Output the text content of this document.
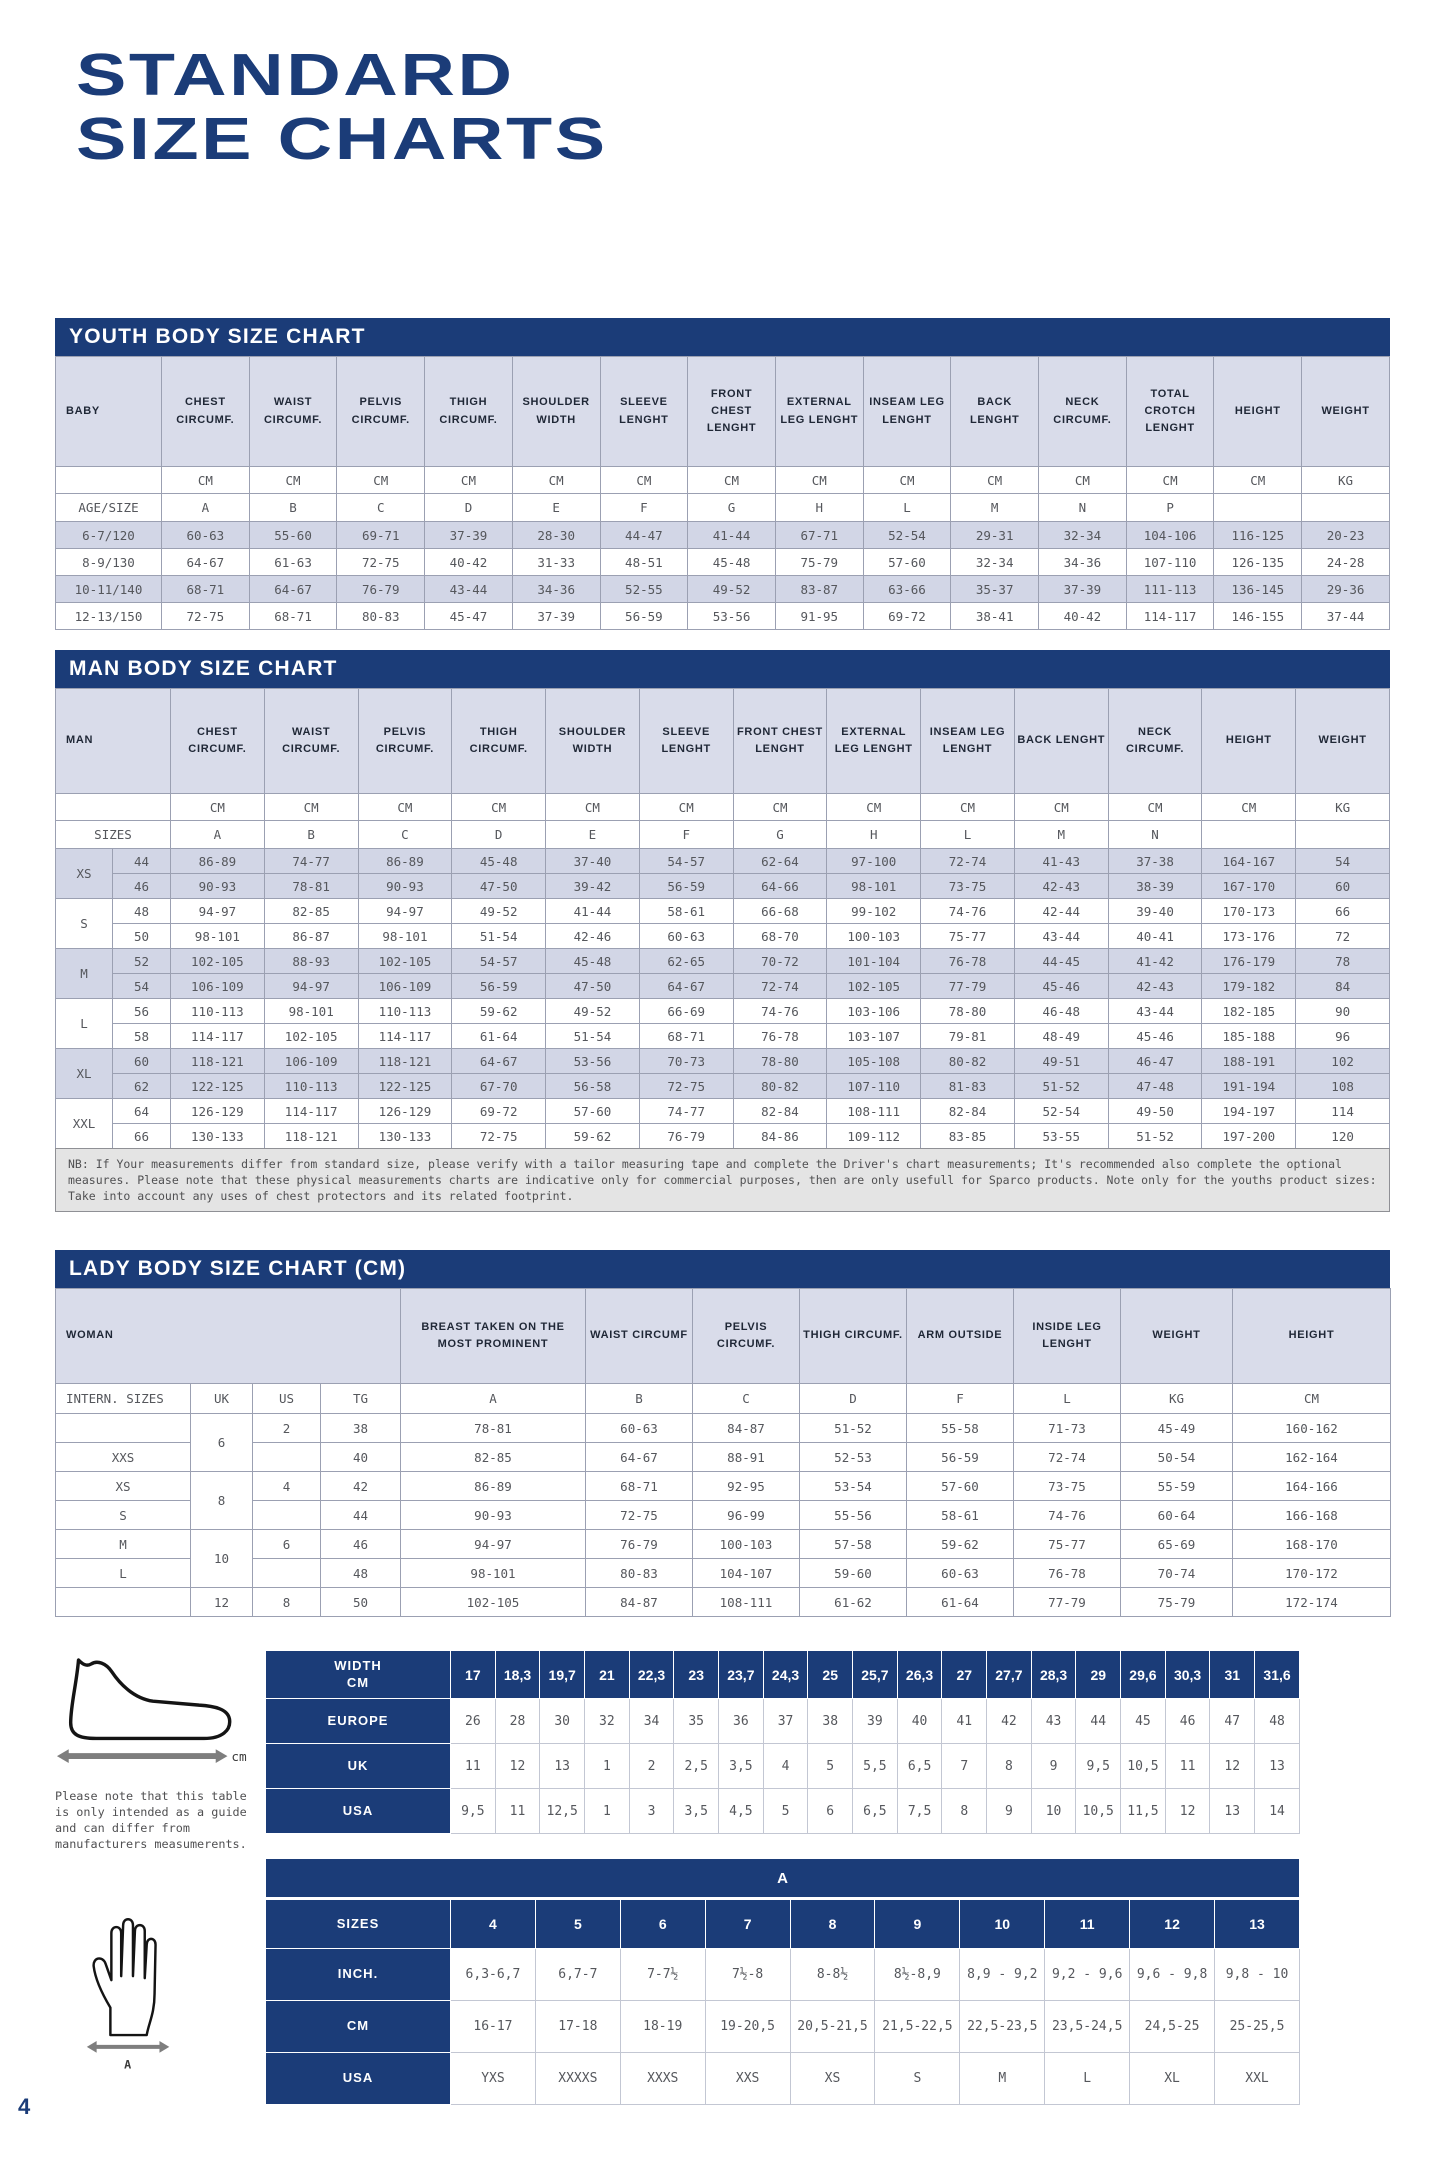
STANDARD
SIZE CHARTS
YOUTH BODY SIZE CHART
BABY	CHEST CIRCUMF.	WAIST CIRCUMF.	PELVIS CIRCUMF.	THIGH CIRCUMF.	SHOULDER WIDTH	SLEEVE LENGHT	FRONT CHEST LENGHT	EXTERNAL LEG LENGHT	INSEAM LEG LENGHT	BACK LENGHT	NECK CIRCUMF.	TOTAL CROTCH LENGHT	HEIGHT	WEIGHT
	CM	CM	CM	CM	CM	CM	CM	CM	CM	CM	CM	CM	CM	KG
AGE/SIZE	A	B	C	D	E	F	G	H	L	M	N	P		
6-7/120	60-63	55-60	69-71	37-39	28-30	44-47	41-44	67-71	52-54	29-31	32-34	104-106	116-125	20-23
8-9/130	64-67	61-63	72-75	40-42	31-33	48-51	45-48	75-79	57-60	32-34	34-36	107-110	126-135	24-28
10-11/140	68-71	64-67	76-79	43-44	34-36	52-55	49-52	83-87	63-66	35-37	37-39	111-113	136-145	29-36
12-13/150	72-75	68-71	80-83	45-47	37-39	56-59	53-56	91-95	69-72	38-41	40-42	114-117	146-155	37-44
MAN BODY SIZE CHART
MAN		CHEST CIRCUMF.	WAIST CIRCUMF.	PELVIS CIRCUMF.	THIGH CIRCUMF.	SHOULDER WIDTH	SLEEVE LENGHT	FRONT CHEST LENGHT	EXTERNAL LEG LENGHT	INSEAM LEG LENGHT	BACK LENGHT	NECK CIRCUMF.	HEIGHT	WEIGHT
		CM	CM	CM	CM	CM	CM	CM	CM	CM	CM	CM	CM	KG
SIZES		A	B	C	D	E	F	G	H	L	M	N		
XS	44	86-89	74-77	86-89	45-48	37-40	54-57	62-64	97-100	72-74	41-43	37-38	164-167	54
	46	90-93	78-81	90-93	47-50	39-42	56-59	64-66	98-101	73-75	42-43	38-39	167-170	60
S	48	94-97	82-85	94-97	49-52	41-44	58-61	66-68	99-102	74-76	42-44	39-40	170-173	66
	50	98-101	86-87	98-101	51-54	42-46	60-63	68-70	100-103	75-77	43-44	40-41	173-176	72
M	52	102-105	88-93	102-105	54-57	45-48	62-65	70-72	101-104	76-78	44-45	41-42	176-179	78
	54	106-109	94-97	106-109	56-59	47-50	64-67	72-74	102-105	77-79	45-46	42-43	179-182	84
L	56	110-113	98-101	110-113	59-62	49-52	66-69	74-76	103-106	78-80	46-48	43-44	182-185	90
	58	114-117	102-105	114-117	61-64	51-54	68-71	76-78	103-107	79-81	48-49	45-46	185-188	96
XL	60	118-121	106-109	118-121	64-67	53-56	70-73	78-80	105-108	80-82	49-51	46-47	188-191	102
	62	122-125	110-113	122-125	67-70	56-58	72-75	80-82	107-110	81-83	51-52	47-48	191-194	108
XXL	64	126-129	114-117	126-129	69-72	57-60	74-77	82-84	108-111	82-84	52-54	49-50	194-197	114
	66	130-133	118-121	130-133	72-75	59-62	76-79	84-86	109-112	83-85	53-55	51-52	197-200	120
NB: If Your measurements differ from standard size, please verify with a tailor measuring tape and complete the Driver's chart measurements; It's recommended also complete the optional measures. Please note that these physical measurements charts are indicative only for commercial purposes, then are only usefull for Sparco products. Note only for the youths product sizes: Take into account any uses of chest protectors and its related footprint.
LADY BODY SIZE CHART (CM)
WOMAN				BREAST TAKEN ON THE MOST PROMINENT	WAIST CIRCUMF	PELVIS CIRCUMF.	THIGH CIRCUMF.	ARM OUTSIDE	INSIDE LEG LENGHT	WEIGHT	HEIGHT
INTERN. SIZES	UK	US	TG	A	B	C	D	F	L	KG	CM
	6	2	38	78-81	60-63	84-87	51-52	55-58	71-73	45-49	160-162
XXS			40	82-85	64-67	88-91	52-53	56-59	72-74	50-54	162-164
XS	8	4	42	86-89	68-71	92-95	53-54	57-60	73-75	55-59	164-166
S			44	90-93	72-75	96-99	55-56	58-61	74-76	60-64	166-168
M	10	6	46	94-97	76-79	100-103	57-58	59-62	75-77	65-69	168-170
L			48	98-101	80-83	104-107	59-60	60-63	76-78	70-74	170-172
	12	8	50	102-105	84-87	108-111	61-62	61-64	77-79	75-79	172-174
cm
Please note that this table is only intended as a guide and can differ from manufacturers measumerents.
WIDTH
CM	17	18,3	19,7	21	22,3	23	23,7	24,3	25	25,7	26,3	27	27,7	28,3	29	29,6	30,3	31	31,6
EUROPE	26	28	30	32	34	35	36	37	38	39	40	41	42	43	44	45	46	47	48
UK	11	12	13	1	2	2,5	3,5	4	5	5,5	6,5	7	8	9	9,5	10,5	11	12	13
USA	9,5	11	12,5	1	3	3,5	4,5	5	6	6,5	7,5	8	9	10	10,5	11,5	12	13	14
A
A										
SIZES	4	5	6	7	8	9	10	11	12	13
INCH.	6,3-6,7	6,7-7	7-7½	7½-8	8-8½	8½-8,9	8,9 - 9,2	9,2 - 9,6	9,6 - 9,8	9,8 - 10
CM	16-17	17-18	18-19	19-20,5	20,5-21,5	21,5-22,5	22,5-23,5	23,5-24,5	24,5-25	25-25,5
USA	YXS	XXXXS	XXXS	XXS	XS	S	M	L	XL	XXL
4
